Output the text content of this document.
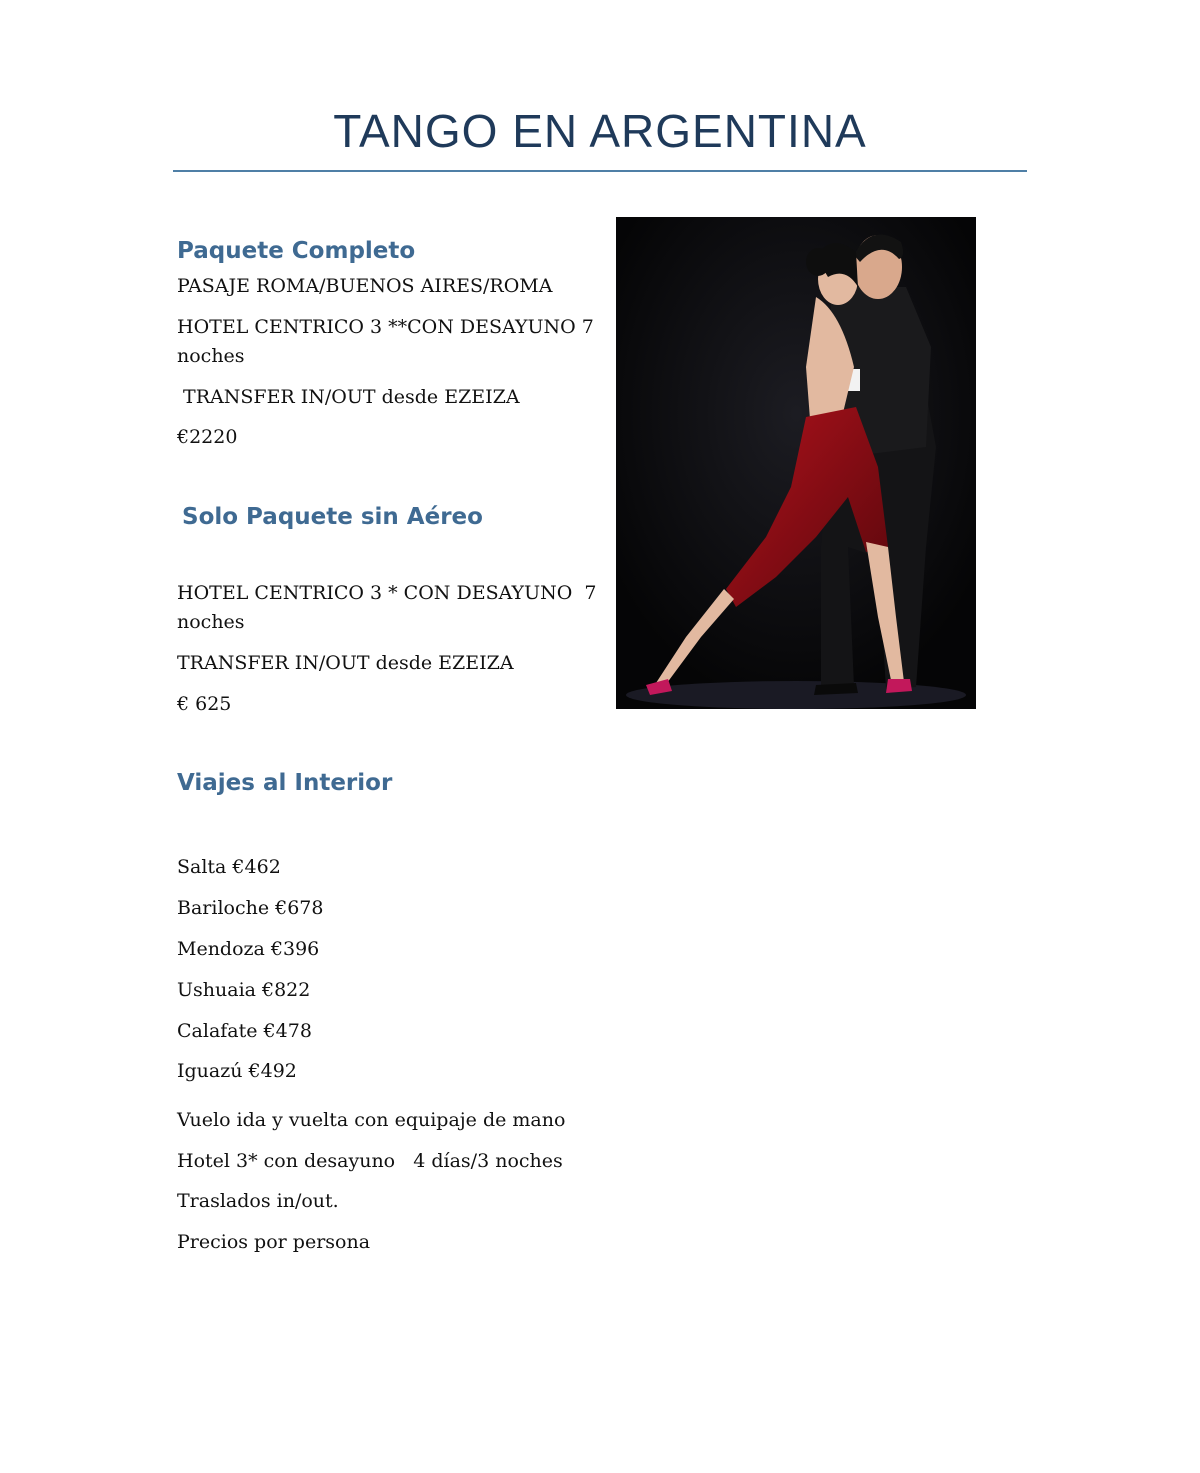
TANGO EN ARGENTINA
Paquete Completo

PASAJE ROMA/BUENOS AIRES/ROMA

HOTEL CENTRICO 3 **CON DESAYUNO 7

noches

TRANSFER IN/OUT desde EZEIZA

€2220

Solo Paquete sin Aéreo

HOTEL CENTRICO 3 * CON DESAYUNO  7

noches

TRANSFER IN/OUT desde EZEIZA

€ 625

Viajes al Interior

Salta €462

Bariloche €678

Mendoza €396

Ushuaia €822

Calafate €478

Iguazú €492

Vuelo ida y vuelta con equipaje de mano

Hotel 3* con desayuno   4 días/3 noches

Traslados in/out.

Precios por persona
